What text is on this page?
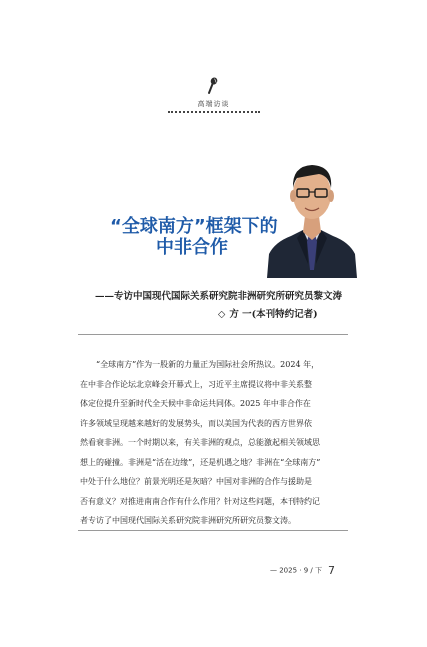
高端访谈
“全球南方”框架下的
中非合作
——专访中国现代国际关系研究院非洲研究所研究员黎文涛
◇ 方 一(本刊特约记者)
“全球南方”作为一股新的力量正为国际社会所热议。2024 年，
在中非合作论坛北京峰会开幕式上，习近平主席提议将中非关系整
体定位提升至新时代全天候中非命运共同体。2025 年中非合作在
许多领域呈现越来越好的发展势头，而以美国为代表的西方世界依
然看衰非洲。一个时期以来，有关非洲的观点，总能激起相关领域思
想上的碰撞。非洲是“活在边缘”，还是机遇之地？非洲在“全球南方”
中处于什么地位？前景光明还是灰暗？中国对非洲的合作与援助是
否有意义？对推进南南合作有什么作用？针对这些问题，本刊特约记
者专访了中国现代国际关系研究院非洲研究所研究员黎文涛。
— 2025 · 9 / 下 7
